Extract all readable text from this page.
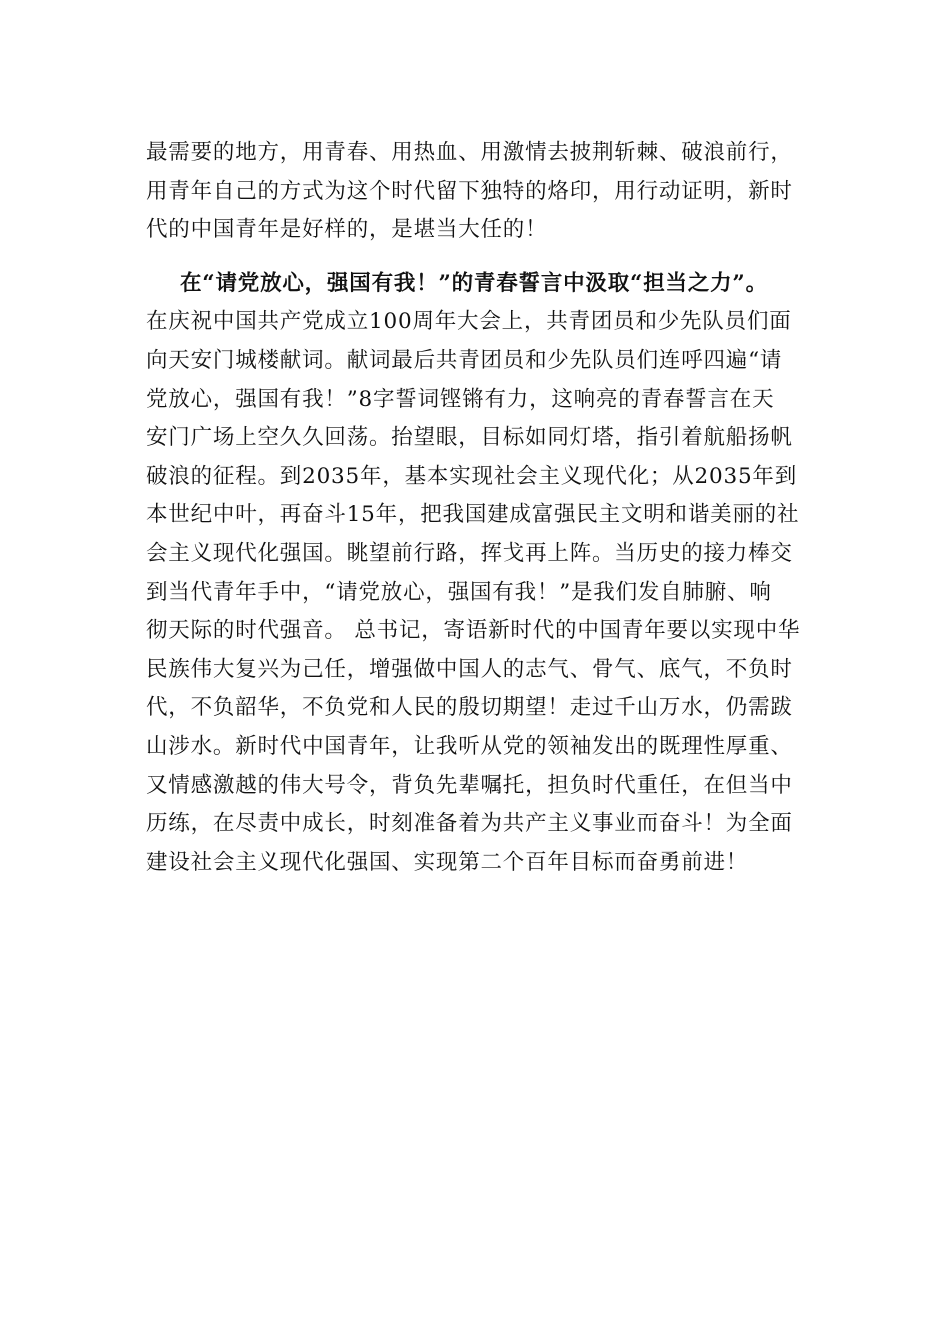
最需要的地方，用青春、用热血、用激情去披荆斩棘、破浪前行，
用青年自己的方式为这个时代留下独特的烙印，用行动证明，新时
代的中国青年是好样的，是堪当大任的！
在“请党放心，强国有我！”的青春誓言中汲取“担当之力”。
在庆祝中国共产党成立100周年大会上，共青团员和少先队员们面
向天安门城楼献词。献词最后共青团员和少先队员们连呼四遍“请
党放心，强国有我！”8字誓词铿锵有力，这响亮的青春誓言在天
安门广场上空久久回荡。抬望眼，目标如同灯塔，指引着航船扬帆
破浪的征程。到2035年，基本实现社会主义现代化；从2035年到
本世纪中叶，再奋斗15年，把我国建成富强民主文明和谐美丽的社
会主义现代化强国。眺望前行路，挥戈再上阵。当历史的接力棒交
到当代青年手中，“请党放心，强国有我！”是我们发自肺腑、响
彻天际的时代强音。 总书记，寄语新时代的中国青年要以实现中华
民族伟大复兴为己任，增强做中国人的志气、骨气、底气，不负时
代，不负韶华，不负党和人民的殷切期望！走过千山万水，仍需跋
山涉水。新时代中国青年，让我听从党的领袖发出的既理性厚重、
又情感激越的伟大号令，背负先辈嘱托，担负时代重任，在但当中
历练，在尽责中成长，时刻准备着为共产主义事业而奋斗！为全面
建设社会主义现代化强国、实现第二个百年目标而奋勇前进！
